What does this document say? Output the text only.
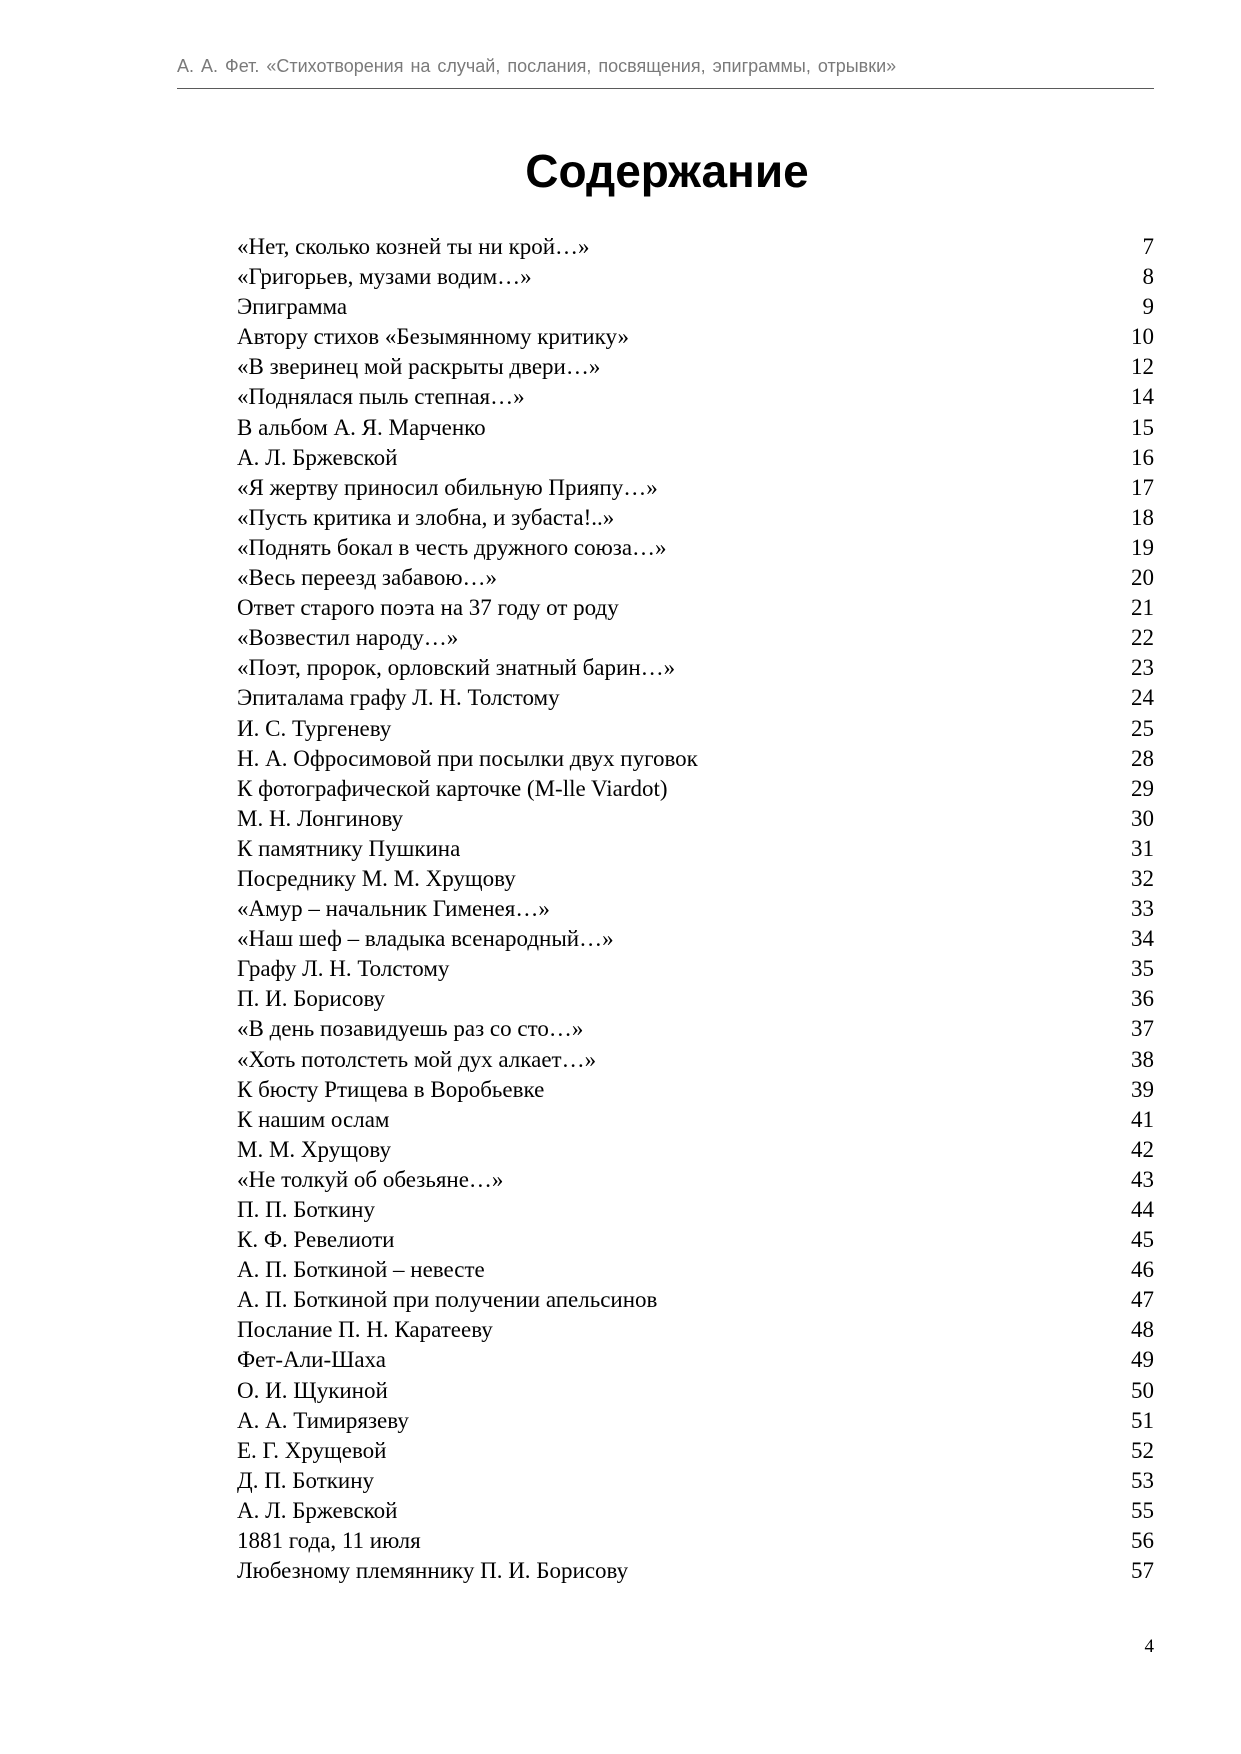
А. А. Фет. «Стихотворения на случай, послания, посвящения, эпиграммы, отрывки»
Содержание
«Нет, сколько козней ты ни крой…»	7
«Григорьев, музами водим…»	8
Эпиграмма	9
Автору стихов «Безымянному критику»	10
«В зверинец мой раскрыты двери…»	12
«Поднялася пыль степная…»	14
В альбом А. Я. Марченко	15
А. Л. Бржевской	16
«Я жертву приносил обильную Прияпу…»	17
«Пусть критика и злобна, и зубаста!..»	18
«Поднять бокал в честь дружного союза…»	19
«Весь переезд забавою…»	20
Ответ старого поэта на 37 году от роду	21
«Возвестил народу…»	22
«Поэт, пророк, орловский знатный барин…»	23
Эпиталама графу Л. Н. Толстому	24
И. С. Тургеневу	25
Н. А. Офросимовой при посылки двух пуговок	28
К фотографической карточке (M-lle Viardot)	29
М. Н. Лонгинову	30
К памятнику Пушкина	31
Посреднику М. М. Хрущову	32
«Амур – начальник Гименея…»	33
«Наш шеф – владыка всенародный…»	34
Графу Л. Н. Толстому	35
П. И. Борисову	36
«В день позавидуешь раз со сто…»	37
«Хоть потолстеть мой дух алкает…»	38
К бюсту Ртищева в Воробьевке	39
К нашим ослам	41
М. М. Хрущову	42
«Не толкуй об обезьяне…»	43
П. П. Боткину	44
К. Ф. Ревелиоти	45
А. П. Боткиной – невесте	46
А. П. Боткиной при получении апельсинов	47
Послание П. Н. Каратееву	48
Фет-Али-Шаха	49
О. И. Щукиной	50
А. А. Тимирязеву	51
Е. Г. Хрущевой	52
Д. П. Боткину	53
А. Л. Бржевской	55
1881 года, 11 июля	56
Любезному племяннику П. И. Борисову	57
4
